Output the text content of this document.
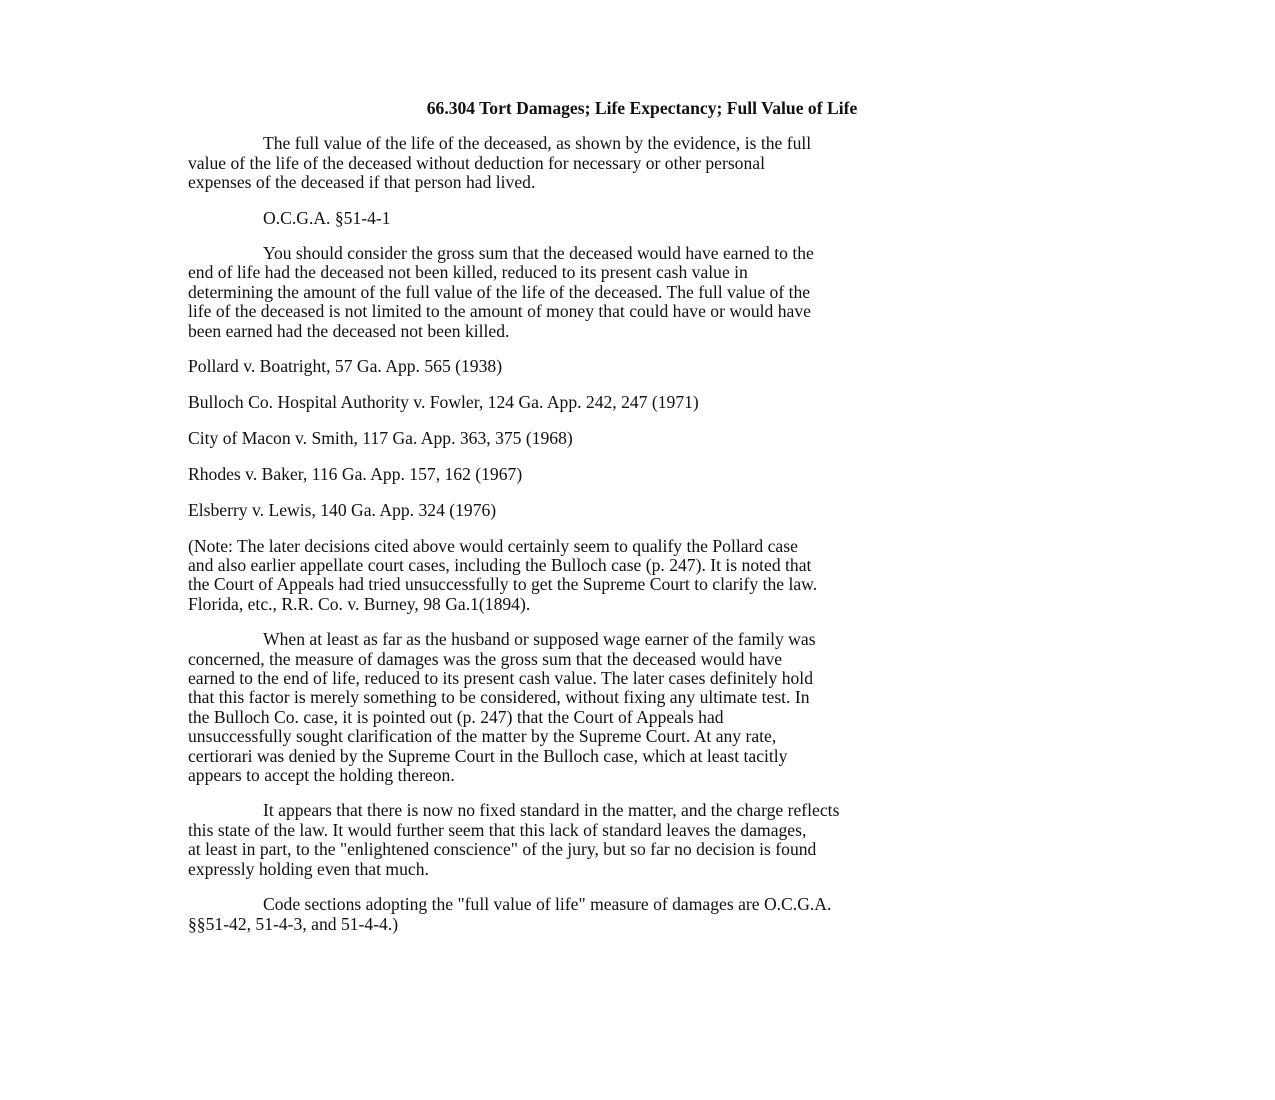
66.304 Tort Damages; Life Expectancy; Full Value of Life

The full value of the life of the deceased, as shown by the evidence, is the full
value of the life of the deceased without deduction for necessary or other personal
expenses of the deceased if that person had lived.

O.C.G.A. §51-4-1

You should consider the gross sum that the deceased would have earned to the
end of life had the deceased not been killed, reduced to its present cash value in
determining the amount of the full value of the life of the deceased. The full value of the
life of the deceased is not limited to the amount of money that could have or would have
been earned had the deceased not been killed.

Pollard v. Boatright, 57 Ga. App. 565 (1938)

Bulloch Co. Hospital Authority v. Fowler, 124 Ga. App. 242, 247 (1971)

City of Macon v. Smith, 117 Ga. App. 363, 375 (1968)

Rhodes v. Baker, 116 Ga. App. 157, 162 (1967)

Elsberry v. Lewis, 140 Ga. App. 324 (1976)

(Note: The later decisions cited above would certainly seem to qualify the Pollard case
and also earlier appellate court cases, including the Bulloch case (p. 247). It is noted that
the Court of Appeals had tried unsuccessfully to get the Supreme Court to clarify the law.
Florida, etc., R.R. Co. v. Burney, 98 Ga.1(1894).

When at least as far as the husband or supposed wage earner of the family was
concerned, the measure of damages was the gross sum that the deceased would have
earned to the end of life, reduced to its present cash value. The later cases definitely hold
that this factor is merely something to be considered, without fixing any ultimate test. In
the Bulloch Co. case, it is pointed out (p. 247) that the Court of Appeals had
unsuccessfully sought clarification of the matter by the Supreme Court. At any rate,
certiorari was denied by the Supreme Court in the Bulloch case, which at least tacitly
appears to accept the holding thereon.

It appears that there is now no fixed standard in the matter, and the charge reflects
this state of the law. It would further seem that this lack of standard leaves the damages,
at least in part, to the "enlightened conscience" of the jury, but so far no decision is found
expressly holding even that much.

Code sections adopting the "full value of life" measure of damages are O.C.G.A.
§§51-42, 51-4-3, and 51-4-4.)
